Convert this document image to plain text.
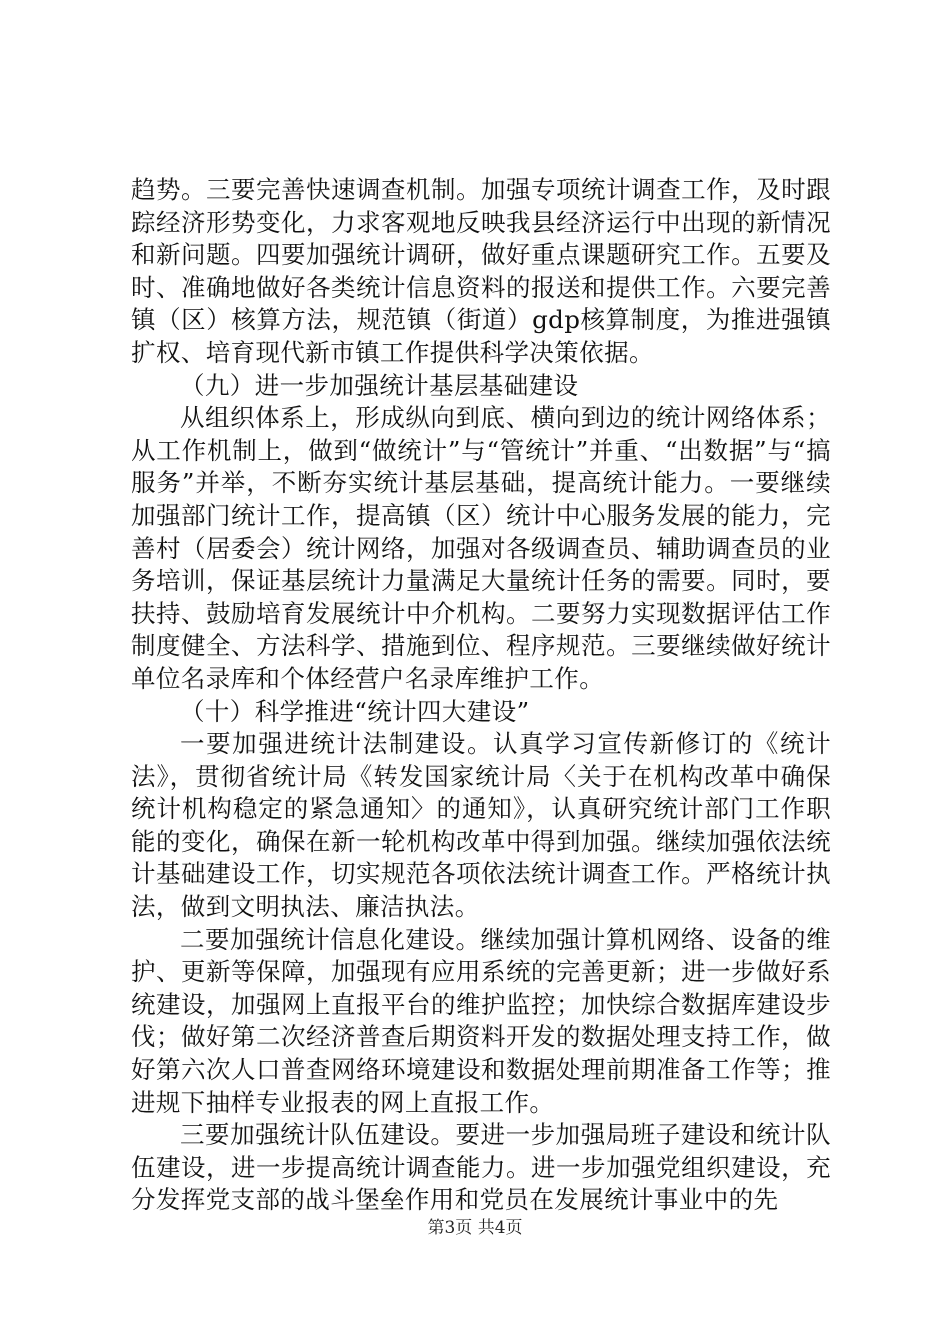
趋势。三要完善快速调查机制。加强专项统计调查工作，及时跟踪经济形势变化，力求客观地反映我县经济运行中出现的新情况和新问题。四要加强统计调研，做好重点课题研究工作。五要及时、准确地做好各类统计信息资料的报送和提供工作。六要完善镇（区）核算方法，规范镇（街道）gdp核算制度，为推进强镇扩权、培育现代新市镇工作提供科学决策依据。

（九）进一步加强统计基层基础建设

从组织体系上，形成纵向到底、横向到边的统计网络体系；从工作机制上，做到“做统计”与“管统计”并重、“出数据”与“搞服务”并举，不断夯实统计基层基础，提高统计能力。一要继续加强部门统计工作，提高镇（区）统计中心服务发展的能力，完善村（居委会）统计网络，加强对各级调查员、辅助调查员的业务培训，保证基层统计力量满足大量统计任务的需要。同时，要扶持、鼓励培育发展统计中介机构。二要努力实现数据评估工作制度健全、方法科学、措施到位、程序规范。三要继续做好统计单位名录库和个体经营户名录库维护工作。

（十）科学推进“统计四大建设”

一要加强进统计法制建设。认真学习宣传新修订的《统计法》，贯彻省统计局《转发国家统计局〈关于在机构改革中确保统计机构稳定的紧急通知〉的通知》，认真研究统计部门工作职能的变化，确保在新一轮机构改革中得到加强。继续加强依法统计基础建设工作，切实规范各项依法统计调查工作。严格统计执法，做到文明执法、廉洁执法。

二要加强统计信息化建设。继续加强计算机网络、设备的维护、更新等保障，加强现有应用系统的完善更新；进一步做好系统建设，加强网上直报平台的维护监控；加快综合数据库建设步伐；做好第二次经济普查后期资料开发的数据处理支持工作，做好第六次人口普查网络环境建设和数据处理前期准备工作等；推进规下抽样专业报表的网上直报工作。

三要加强统计队伍建设。要进一步加强局班子建设和统计队伍建设，进一步提高统计调查能力。进一步加强党组织建设，充分发挥党支部的战斗堡垒作用和党员在发展统计事业中的先

第3页 共4页
